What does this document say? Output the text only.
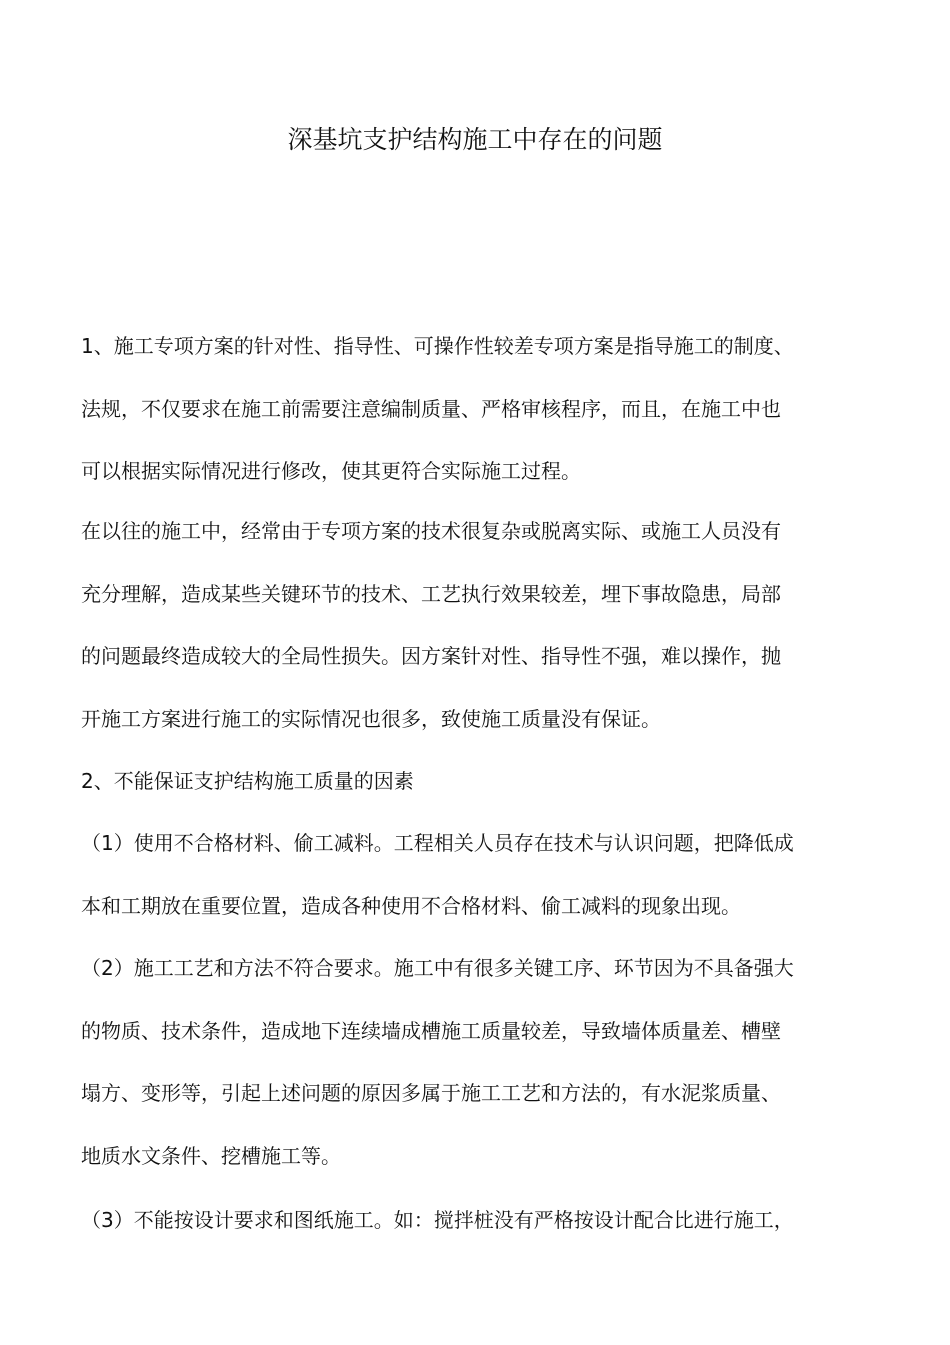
深基坑支护结构施工中存在的问题
1、施工专项方案的针对性、指导性、可操作性较差专项方案是指导施工的制度、
法规，不仅要求在施工前需要注意编制质量、严格审核程序，而且，在施工中也
可以根据实际情况进行修改，使其更符合实际施工过程。
在以往的施工中，经常由于专项方案的技术很复杂或脱离实际、或施工人员没有
充分理解，造成某些关键环节的技术、工艺执行效果较差，埋下事故隐患，局部
的问题最终造成较大的全局性损失。因方案针对性、指导性不强，难以操作，抛
开施工方案进行施工的实际情况也很多，致使施工质量没有保证。
2、不能保证支护结构施工质量的因素
（1）使用不合格材料、偷工减料。工程相关人员存在技术与认识问题，把降低成
本和工期放在重要位置，造成各种使用不合格材料、偷工减料的现象出现。
（2）施工工艺和方法不符合要求。施工中有很多关键工序、环节因为不具备强大
的物质、技术条件，造成地下连续墙成槽施工质量较差，导致墙体质量差、槽壁
塌方、变形等，引起上述问题的原因多属于施工工艺和方法的，有水泥浆质量、
地质水文条件、挖槽施工等。
（3）不能按设计要求和图纸施工。如：搅拌桩没有严格按设计配合比进行施工，
